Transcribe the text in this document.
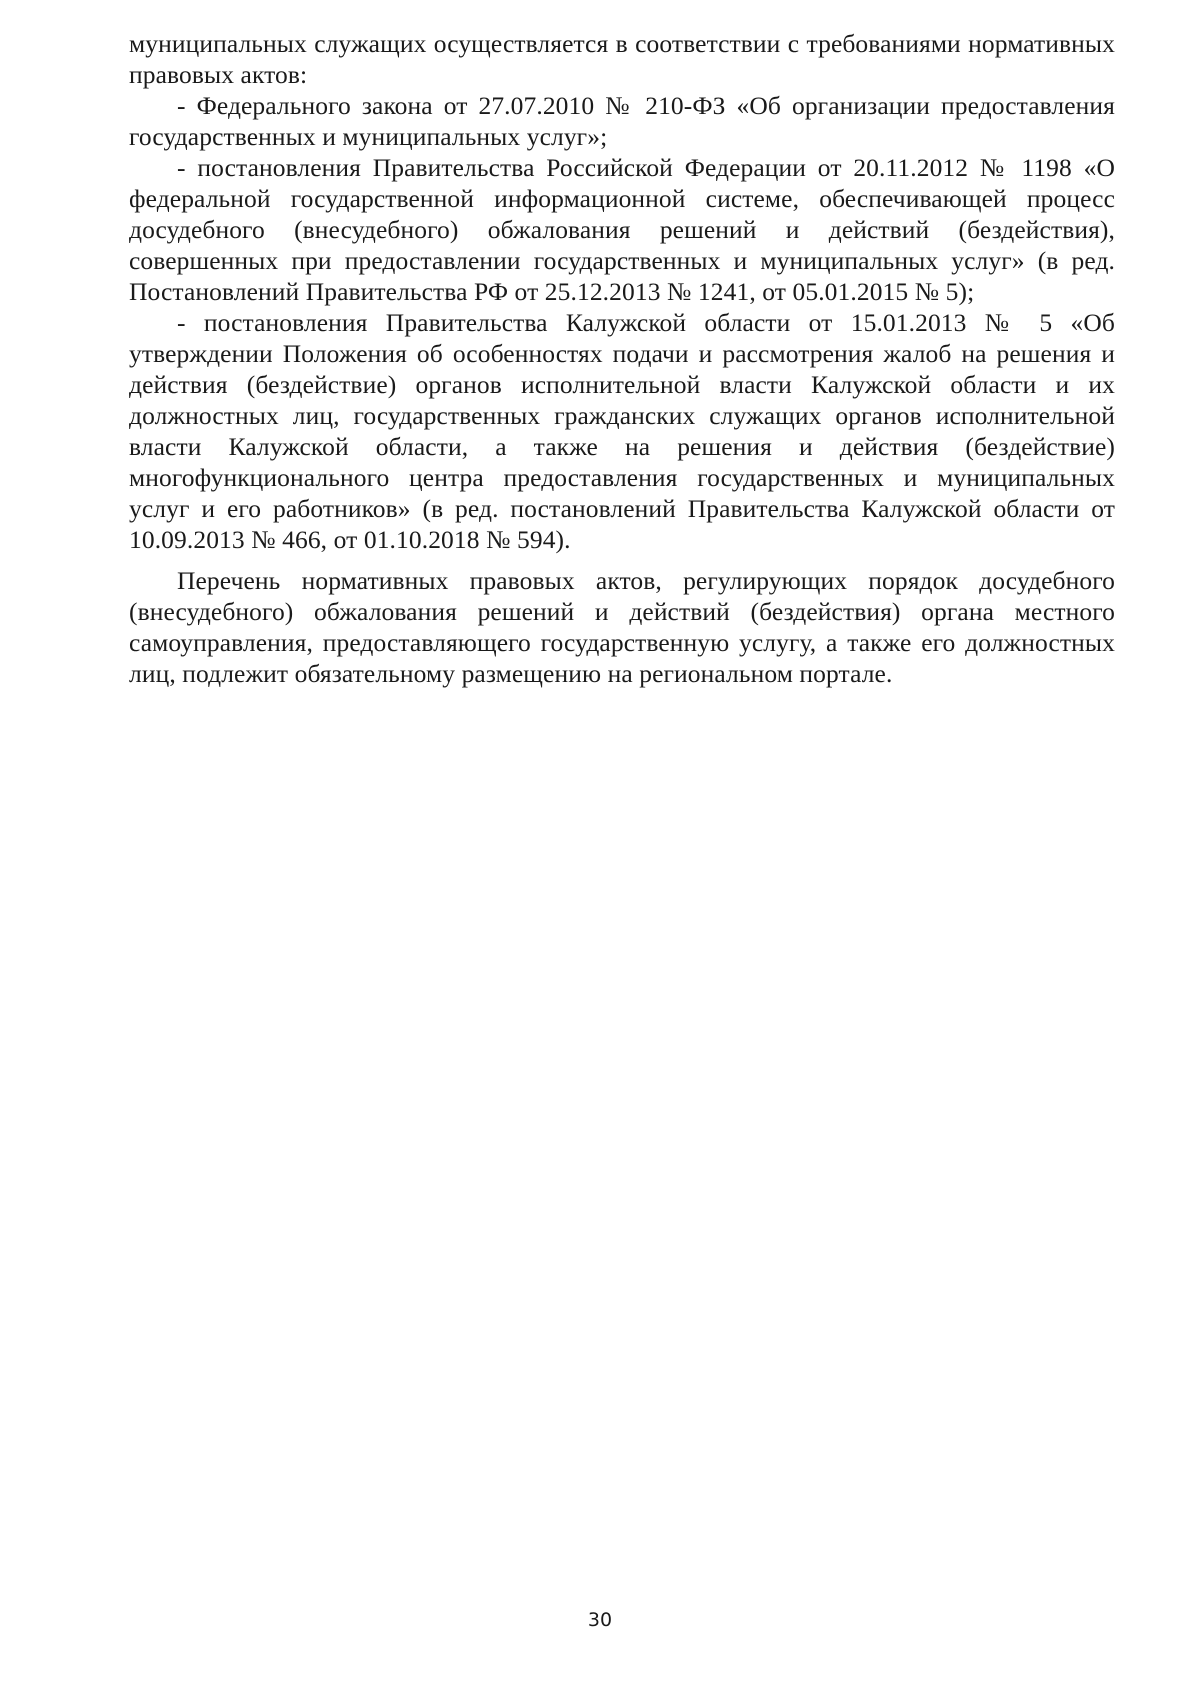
муниципальных служащих осуществляется в соответствии с требованиями нормативных правовых актов:

- Федерального закона от 27.07.2010 № 210-ФЗ «Об организации предоставления государственных и муниципальных услуг»;

- постановления Правительства Российской Федерации от 20.11.2012 № 1198 «О федеральной государственной информационной системе, обеспечивающей процесс досудебного (внесудебного) обжалования решений и действий (бездействия), совершенных при предоставлении государственных и муниципальных услуг» (в ред. Постановлений Правительства РФ от 25.12.2013 № 1241, от 05.01.2015 № 5);

- постановления Правительства Калужской области от 15.01.2013 № 5 «Об утверждении Положения об особенностях подачи и рассмотрения жалоб на решения и действия (бездействие) органов исполнительной власти Калужской области и их должностных лиц, государственных гражданских служащих органов исполнительной власти Калужской области, а также на решения и действия (бездействие) многофункционального центра предоставления государственных и муниципальных услуг и его работников» (в ред. постановлений Правительства Калужской области от 10.09.2013 № 466, от 01.10.2018 № 594).

Перечень нормативных правовых актов, регулирующих порядок досудебного (внесудебного) обжалования решений и действий (бездействия) органа местного самоуправления, предоставляющего государственную услугу, а также его должностных лиц, подлежит обязательному размещению на региональном портале.

30
